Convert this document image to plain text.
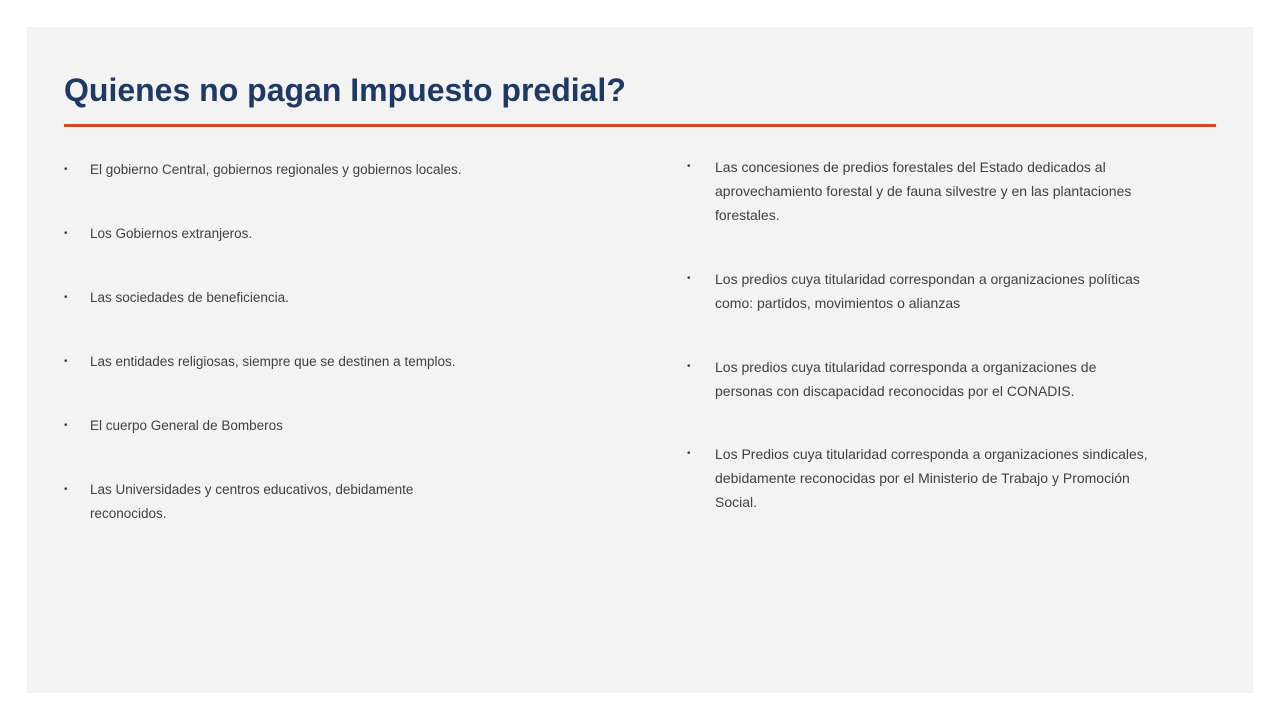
Quienes no pagan Impuesto predial?
• El gobierno Central, gobiernos regionales y gobiernos locales.
• Los Gobiernos extranjeros.
• Las sociedades de beneficiencia.
• Las entidades religiosas, siempre que se destinen a templos.
• El cuerpo General de Bomberos
• Las Universidades y centros educativos, debidamente reconocidos.
• Las concesiones de predios forestales del Estado dedicados al aprovechamiento forestal y de fauna silvestre y en las plantaciones forestales.
• Los predios cuya titularidad correspondan a organizaciones políticas como: partidos, movimientos o alianzas
• Los predios cuya titularidad corresponda a organizaciones de personas con discapacidad reconocidas por el CONADIS.
• Los Predios cuya titularidad corresponda a organizaciones sindicales, debidamente reconocidas por el Ministerio de Trabajo y Promoción Social.
